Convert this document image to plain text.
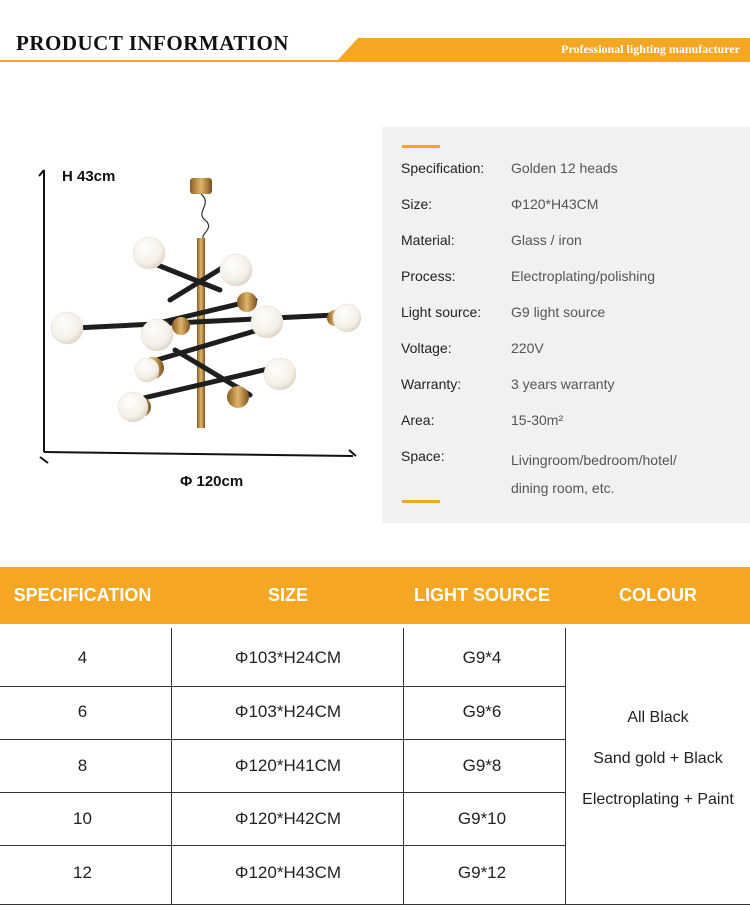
PRODUCT INFORMATION	Professional lighting manufacturer
H 43cm
Φ 120cm
Specification:	Golden 12 heads
Size:	Φ120*H43CM
Material:	Glass / iron
Process:	Electroplating/polishing
Light source:	G9 light source
Voltage:	220V
Warranty:	3 years warranty
Area:	15-30m²
Space:	Livingroom/bedroom/hotel/
dining room, etc.
SPECIFICATION	SIZE	LIGHT SOURCE	COLOUR
4	Φ103*H24CM	G9*4
6	Φ103*H24CM	G9*6
8	Φ120*H41CM	G9*8
10	Φ120*H42CM	G9*10
12	Φ120*H43CM	G9*12
All Black
Sand gold + Black
Electroplating + Paint
